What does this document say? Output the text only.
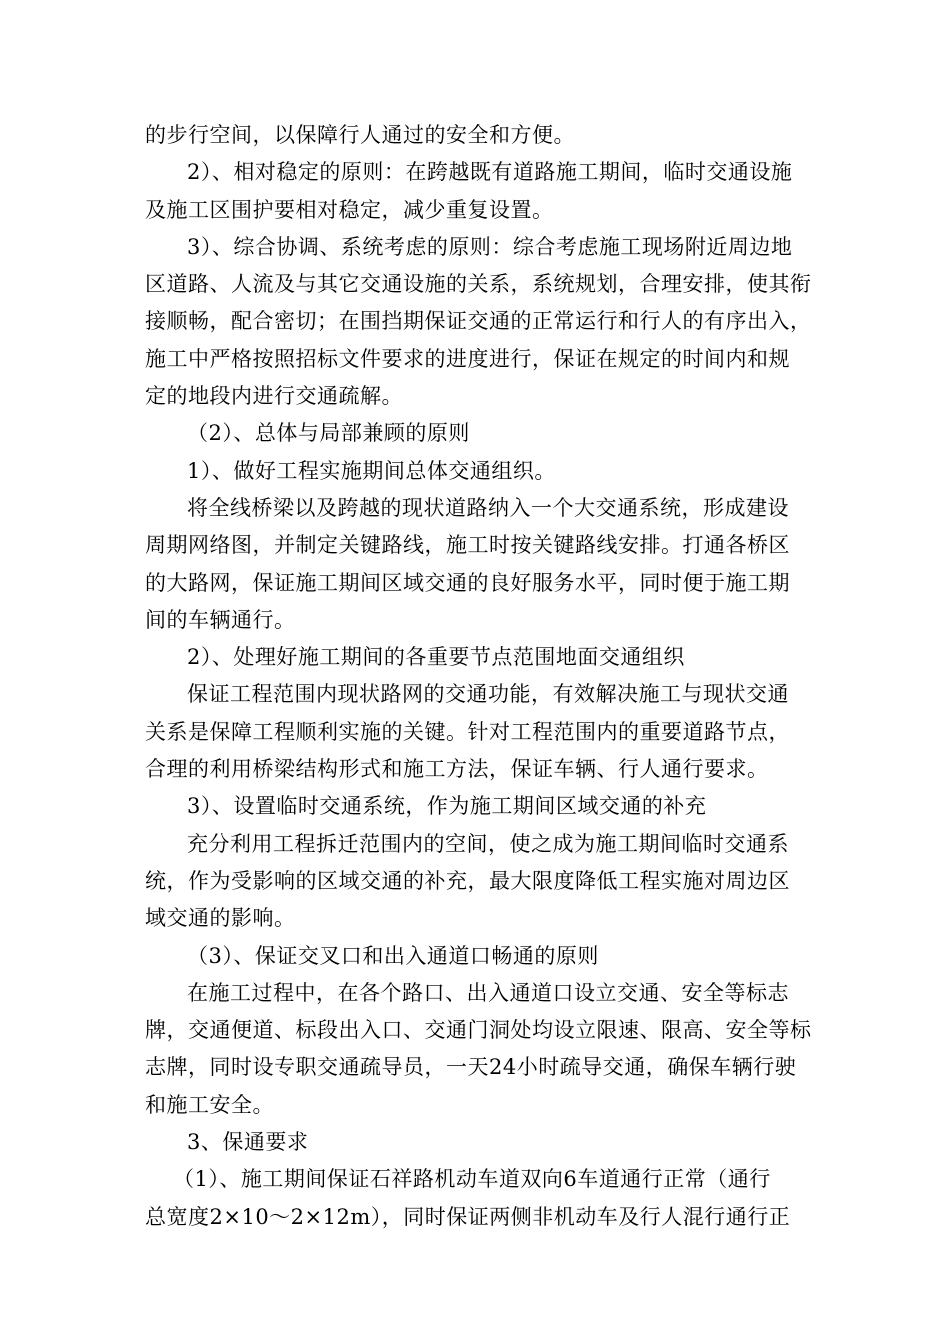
的步行空间，以保障行人通过的安全和方便。
2）、相对稳定的原则：在跨越既有道路施工期间，临时交通设施
及施工区围护要相对稳定，减少重复设置。
3）、综合协调、系统考虑的原则：综合考虑施工现场附近周边地
区道路、人流及与其它交通设施的关系，系统规划，合理安排，使其衔
接顺畅，配合密切；在围挡期保证交通的正常运行和行人的有序出入，
施工中严格按照招标文件要求的进度进行，保证在规定的时间内和规
定的地段内进行交通疏解。
（2）、总体与局部兼顾的原则
1）、做好工程实施期间总体交通组织。
将全线桥梁以及跨越的现状道路纳入一个大交通系统，形成建设
周期网络图，并制定关键路线，施工时按关键路线安排。打通各桥区
的大路网，保证施工期间区域交通的良好服务水平，同时便于施工期
间的车辆通行。
2）、处理好施工期间的各重要节点范围地面交通组织
保证工程范围内现状路网的交通功能，有效解决施工与现状交通
关系是保障工程顺利实施的关键。针对工程范围内的重要道路节点，
合理的利用桥梁结构形式和施工方法，保证车辆、行人通行要求。
3）、设置临时交通系统，作为施工期间区域交通的补充
充分利用工程拆迁范围内的空间，使之成为施工期间临时交通系
统，作为受影响的区域交通的补充，最大限度降低工程实施对周边区
域交通的影响。
（3）、保证交叉口和出入通道口畅通的原则
在施工过程中，在各个路口、出入通道口设立交通、安全等标志
牌，交通便道、标段出入口、交通门洞处均设立限速、限高、安全等标
志牌，同时设专职交通疏导员，一天24小时疏导交通，确保车辆行驶
和施工安全。
3、保通要求
（1）、施工期间保证石祥路机动车道双向6车道通行正常（通行
总宽度2×10～2×12m），同时保证两侧非机动车及行人混行通行正
